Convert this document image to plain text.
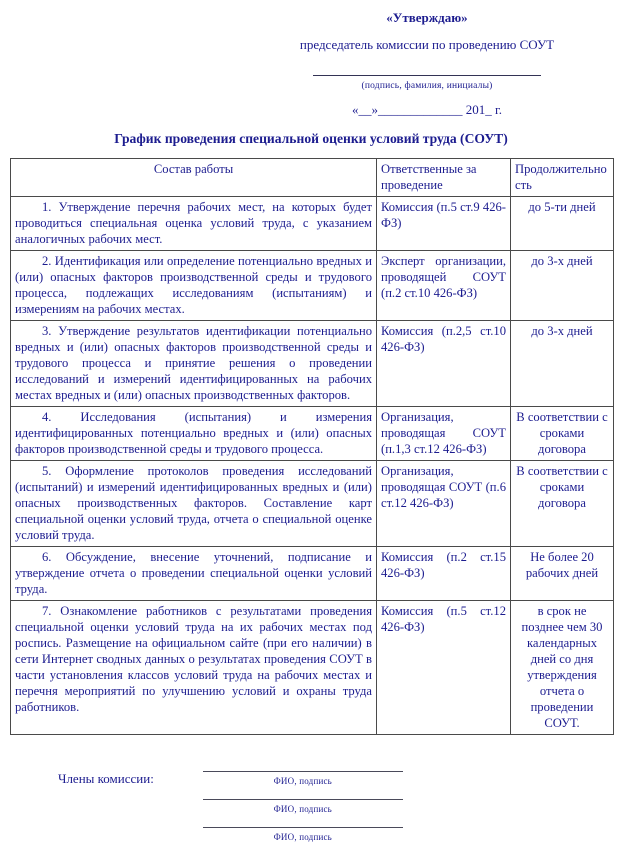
«Утверждаю»
председатель комиссии по проведению СОУТ
(подпись, фамилия, инициалы)
«__»_____________ 201_ г.
График проведения специальной оценки условий труда (СОУТ)
Состав работы	Ответственные за проведение	Продолжительность
1. Утверждение перечня рабочих мест, на которых будет проводиться специальная оценка условий труда, с указанием аналогичных рабочих мест.	Комиссия (п.5 ст.9 426-ФЗ)	до 5-ти дней
2. Идентификация или определение потенциально вредных и (или) опасных факторов производственной среды и трудового процесса, подлежащих исследованиям (испытаниям) и измерениям на рабочих местах.	Эксперт организации, проводящей СОУТ (п.2 ст.10 426-ФЗ)	до 3-х дней
3. Утверждение результатов идентификации потенциально вредных и (или) опасных факторов производственной среды и трудового процесса и принятие решения о проведении исследований и измерений идентифицированных на рабочих местах вредных и (или) опасных производственных факторов.	Комиссия (п.2,5 ст.10 426-ФЗ)	до 3-х дней
4. Исследования (испытания) и измерения идентифицированных потенциально вредных и (или) опасных факторов производственной среды и трудового процесса.	Организация, проводящая СОУТ (п.1,3 ст.12 426-ФЗ)	В соответствии с сроками договора
5. Оформление протоколов проведения исследований (испытаний) и измерений идентифицированных вредных и (или) опасных производственных факторов. Составление карт специальной оценки условий труда, отчета о специальной оценке условий труда.	Организация, проводящая СОУТ (п.6 ст.12 426-ФЗ)	В соответствии с сроками договора
6. Обсуждение, внесение уточнений, подписание и утверждение отчета о проведении специальной оценки условий труда.	Комиссия (п.2 ст.15 426-ФЗ)	Не более 20 рабочих дней
7. Ознакомление работников с результатами проведения специальной оценки условий труда на их рабочих местах под роспись. Размещение на официальном сайте (при его наличии) в сети Интернет сводных данных о результатах проведения СОУТ в части установления классов условий труда на рабочих местах и перечня мероприятий по улучшению условий и охраны труда работников.	Комиссия (п.5 ст.12 426-ФЗ)	в срок не позднее чем 30 календарных дней со дня утверждения отчета о проведении СОУТ.
Члены комиссии:	ФИО, подпись
ФИО, подпись
ФИО, подпись
